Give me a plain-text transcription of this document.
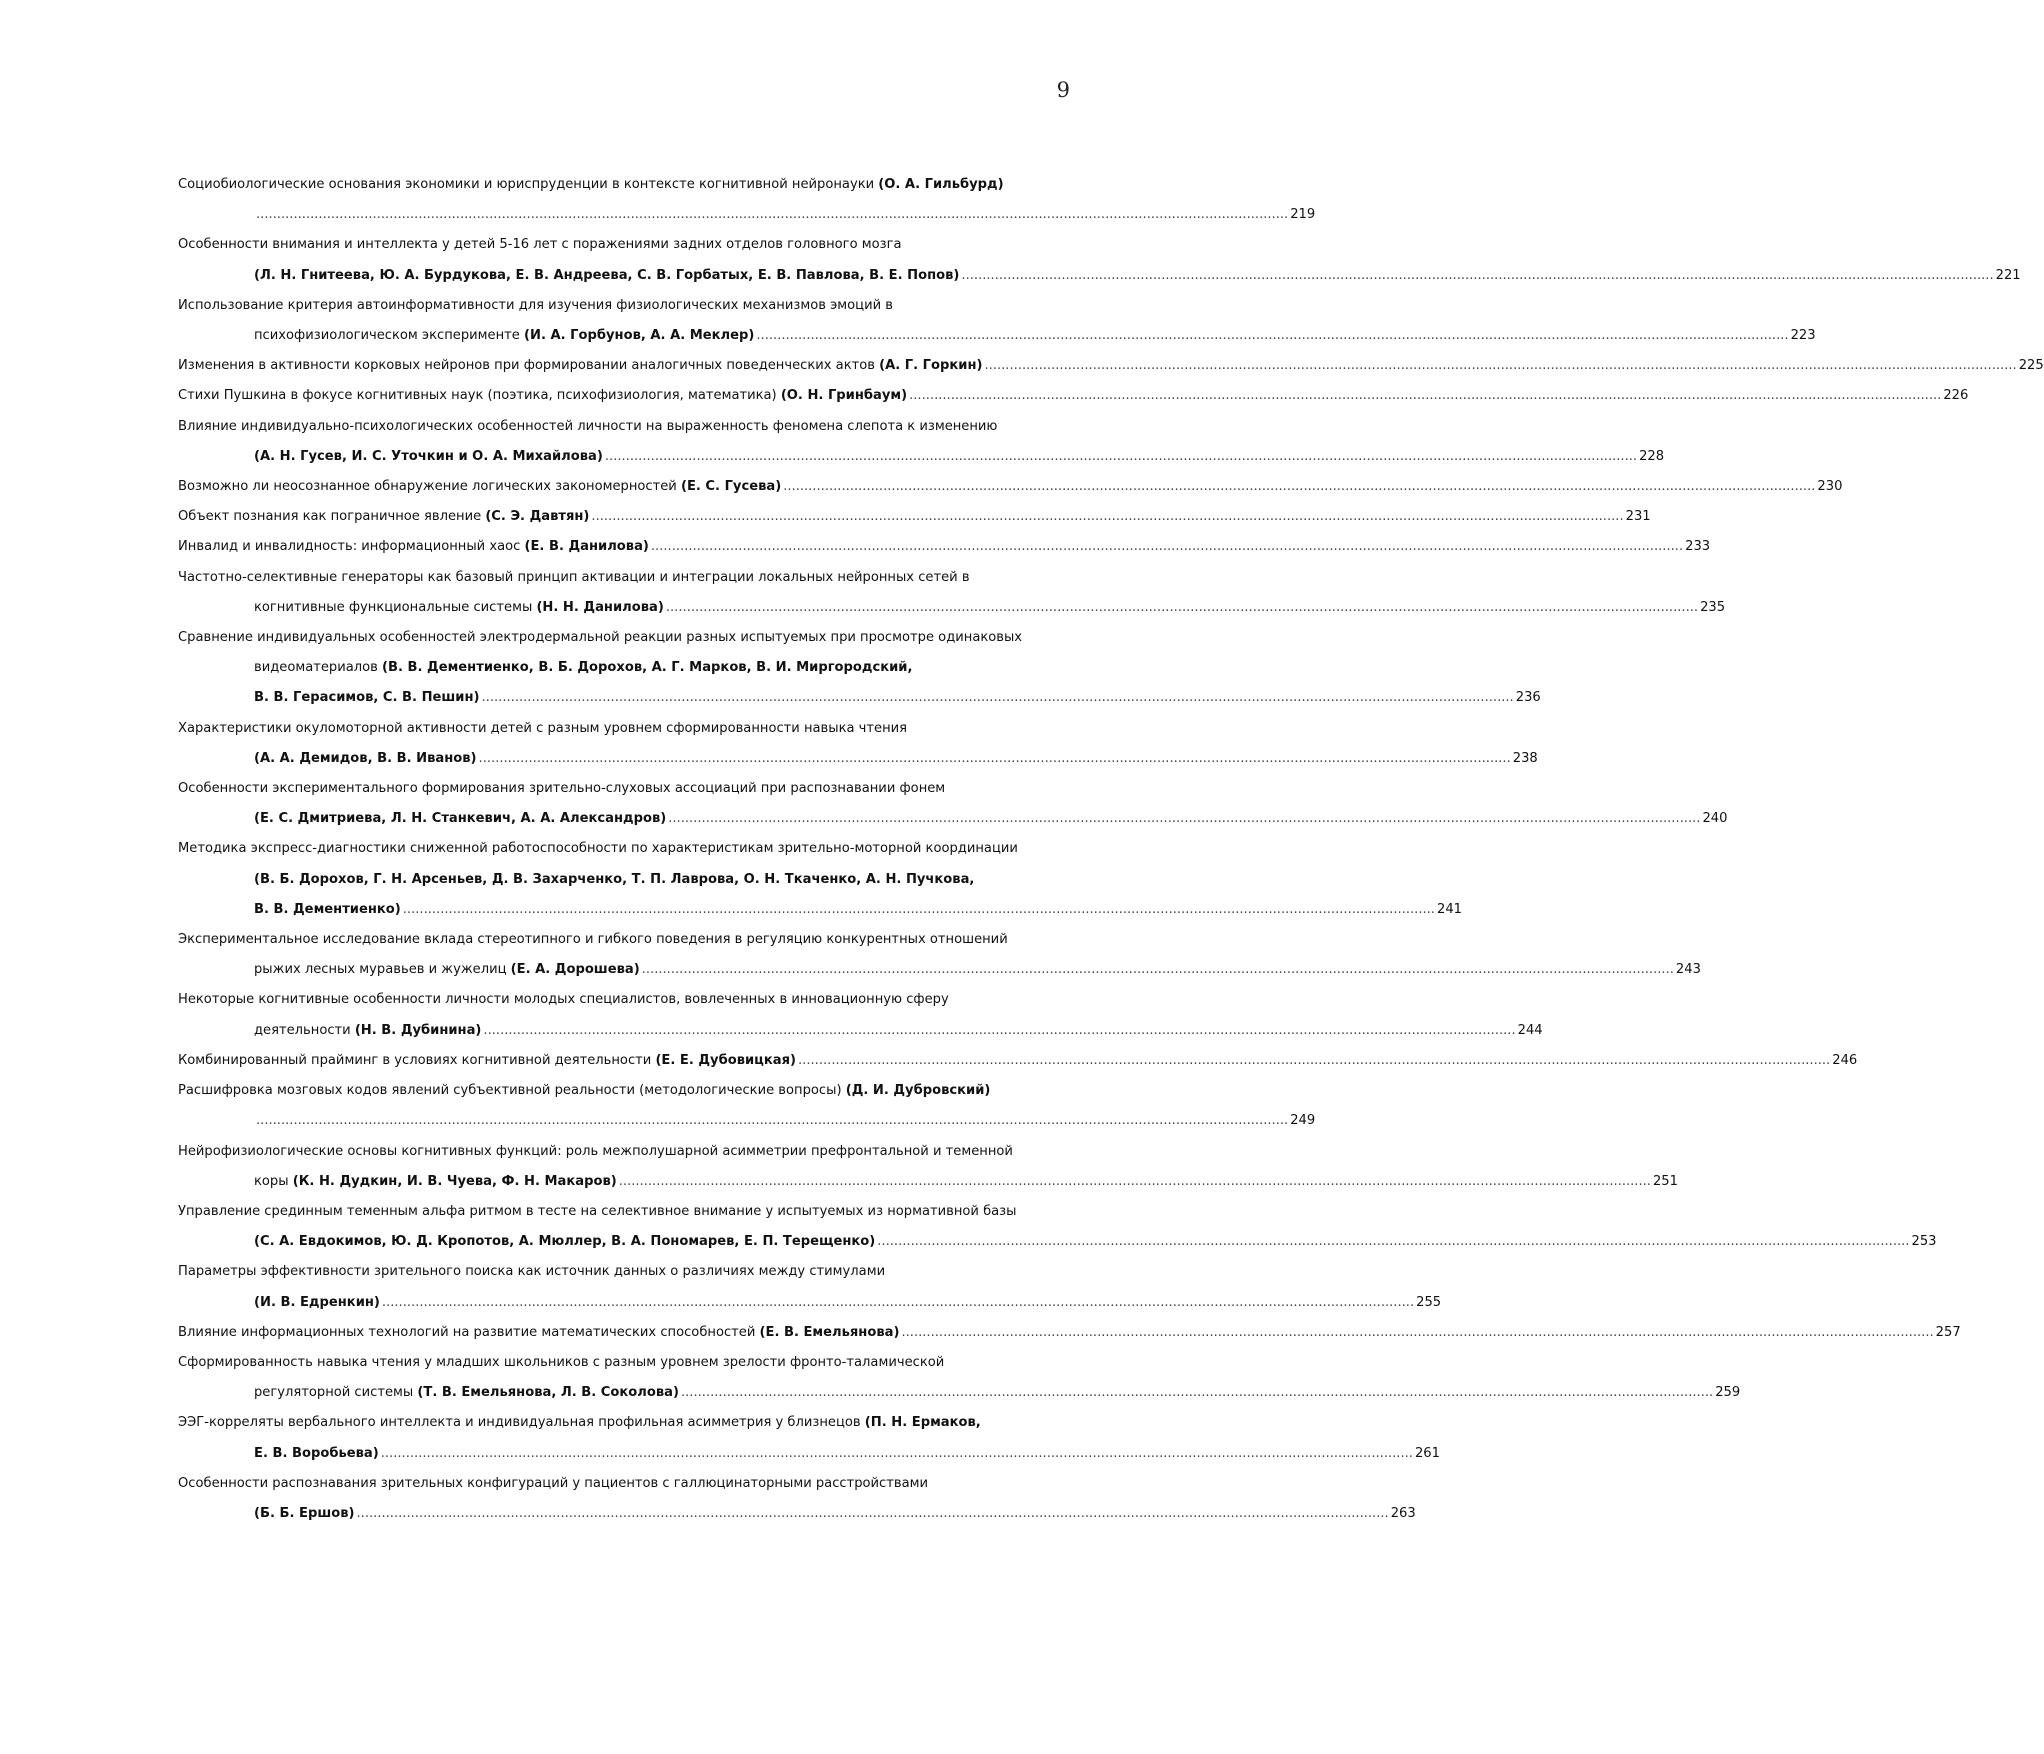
9

Социобиологические основания экономики и юриспруденции в контексте когнитивной нейронауки (О. А. Гильбурд)

.....
219

Особенности внимания и интеллекта у детей 5-16 лет с поражениями задних отделов головного мозга

(Л. Н. Гнитеева, Ю. А. Бурдукова, Е. В. Андреева, С. В. Горбатых, Е. В. Павлова, В. Е. Попов) .....	221

Использование критерия автоинформативности для изучения физиологических механизмов эмоций в

психофизиологическом эксперименте (И. А. Горбунов, А. А. Меклер) .....	223
Изменения в активности корковых нейронов при формировании аналогичных поведенческих актов (А. Г. Горкин) .....	225
Стихи Пушкина в фокусе когнитивных наук (поэтика, психофизиология, математика) (О. Н. Гринбаум) .....	226

Влияние индивидуально-психологических особенностей личности на выраженность феномена слепота к изменению

(А. Н. Гусев, И. С. Уточкин и О. А. Михайлова) .....	228
Возможно ли неосознанное обнаружение логических закономерностей (Е. С. Гусева) .....	230
Объект познания как пограничное явление (С. Э. Давтян) .....	231
Инвалид и инвалидность: информационный хаос (Е. В. Данилова) .....	233

Частотно-селективные генераторы как базовый принцип активации и интеграции локальных нейронных сетей в

когнитивные функциональные системы (Н. Н. Данилова) .....	235

Сравнение индивидуальных особенностей электродермальной реакции разных испытуемых при просмотре одинаковых

видеоматериалов (В. В. Дементиенко, В. Б. Дорохов, А. Г. Марков, В. И. Миргородский,

В. В. Герасимов, С. В. Пешин) .....	236

Характеристики окуломоторной активности детей с разным уровнем сформированности навыка чтения

(А. А. Демидов, В. В. Иванов) .....	238

Особенности экспериментального формирования зрительно-слуховых ассоциаций при распознавании фонем

(Е. С. Дмитриева, Л. Н. Станкевич, А. А. Александров) .....	240

Методика экспресс-диагностики сниженной работоспособности по характеристикам зрительно-моторной координации

(В. Б. Дорохов, Г. Н. Арсеньев, Д. В. Захарченко, Т. П. Лаврова, О. Н. Ткаченко, А. Н. Пучкова,

В. В. Дементиенко) .....	241

Экспериментальное исследование вклада стереотипного и гибкого поведения в регуляцию конкурентных отношений

рыжих лесных муравьев и жужелиц (Е. А. Дорошева) .....	243

Некоторые когнитивные особенности личности молодых специалистов, вовлеченных в инновационную сферу

деятельности (Н. В. Дубинина) .....	244
Комбинированный прайминг в условиях когнитивной деятельности (Е. Е. Дубовицкая) .....	246

Расшифровка мозговых кодов явлений субъективной реальности (методологические вопросы) (Д. И. Дубровский)

.....
249

Нейрофизиологические основы когнитивных функций: роль межполушарной асимметрии префронтальной и теменной

коры (К. Н. Дудкин, И. В. Чуева, Ф. Н. Макаров) .....	251

Управление срединным теменным альфа ритмом в тесте на селективное внимание у испытуемых из нормативной базы

(С. А. Евдокимов, Ю. Д. Кропотов, А. Мюллер, В. А. Пономарев, Е. П. Терещенко) .....	253

Параметры эффективности зрительного поиска как источник данных о различиях между стимулами

(И. В. Едренкин) .....	255
Влияние информационных технологий на развитие математических способностей (Е. В. Емельянова) .....	257

Сформированность навыка чтения у младших школьников с разным уровнем зрелости фронто-таламической

регуляторной системы (Т. В. Емельянова, Л. В. Соколова) .....	259

ЭЭГ-корреляты вербального интеллекта и индивидуальная профильная асимметрия у близнецов (П. Н. Ермаков,

Е. В. Воробьева) .....	261

Особенности распознавания зрительных конфигураций у пациентов с галлюцинаторными расстройствами

(Б. Б. Ершов) .....	263
